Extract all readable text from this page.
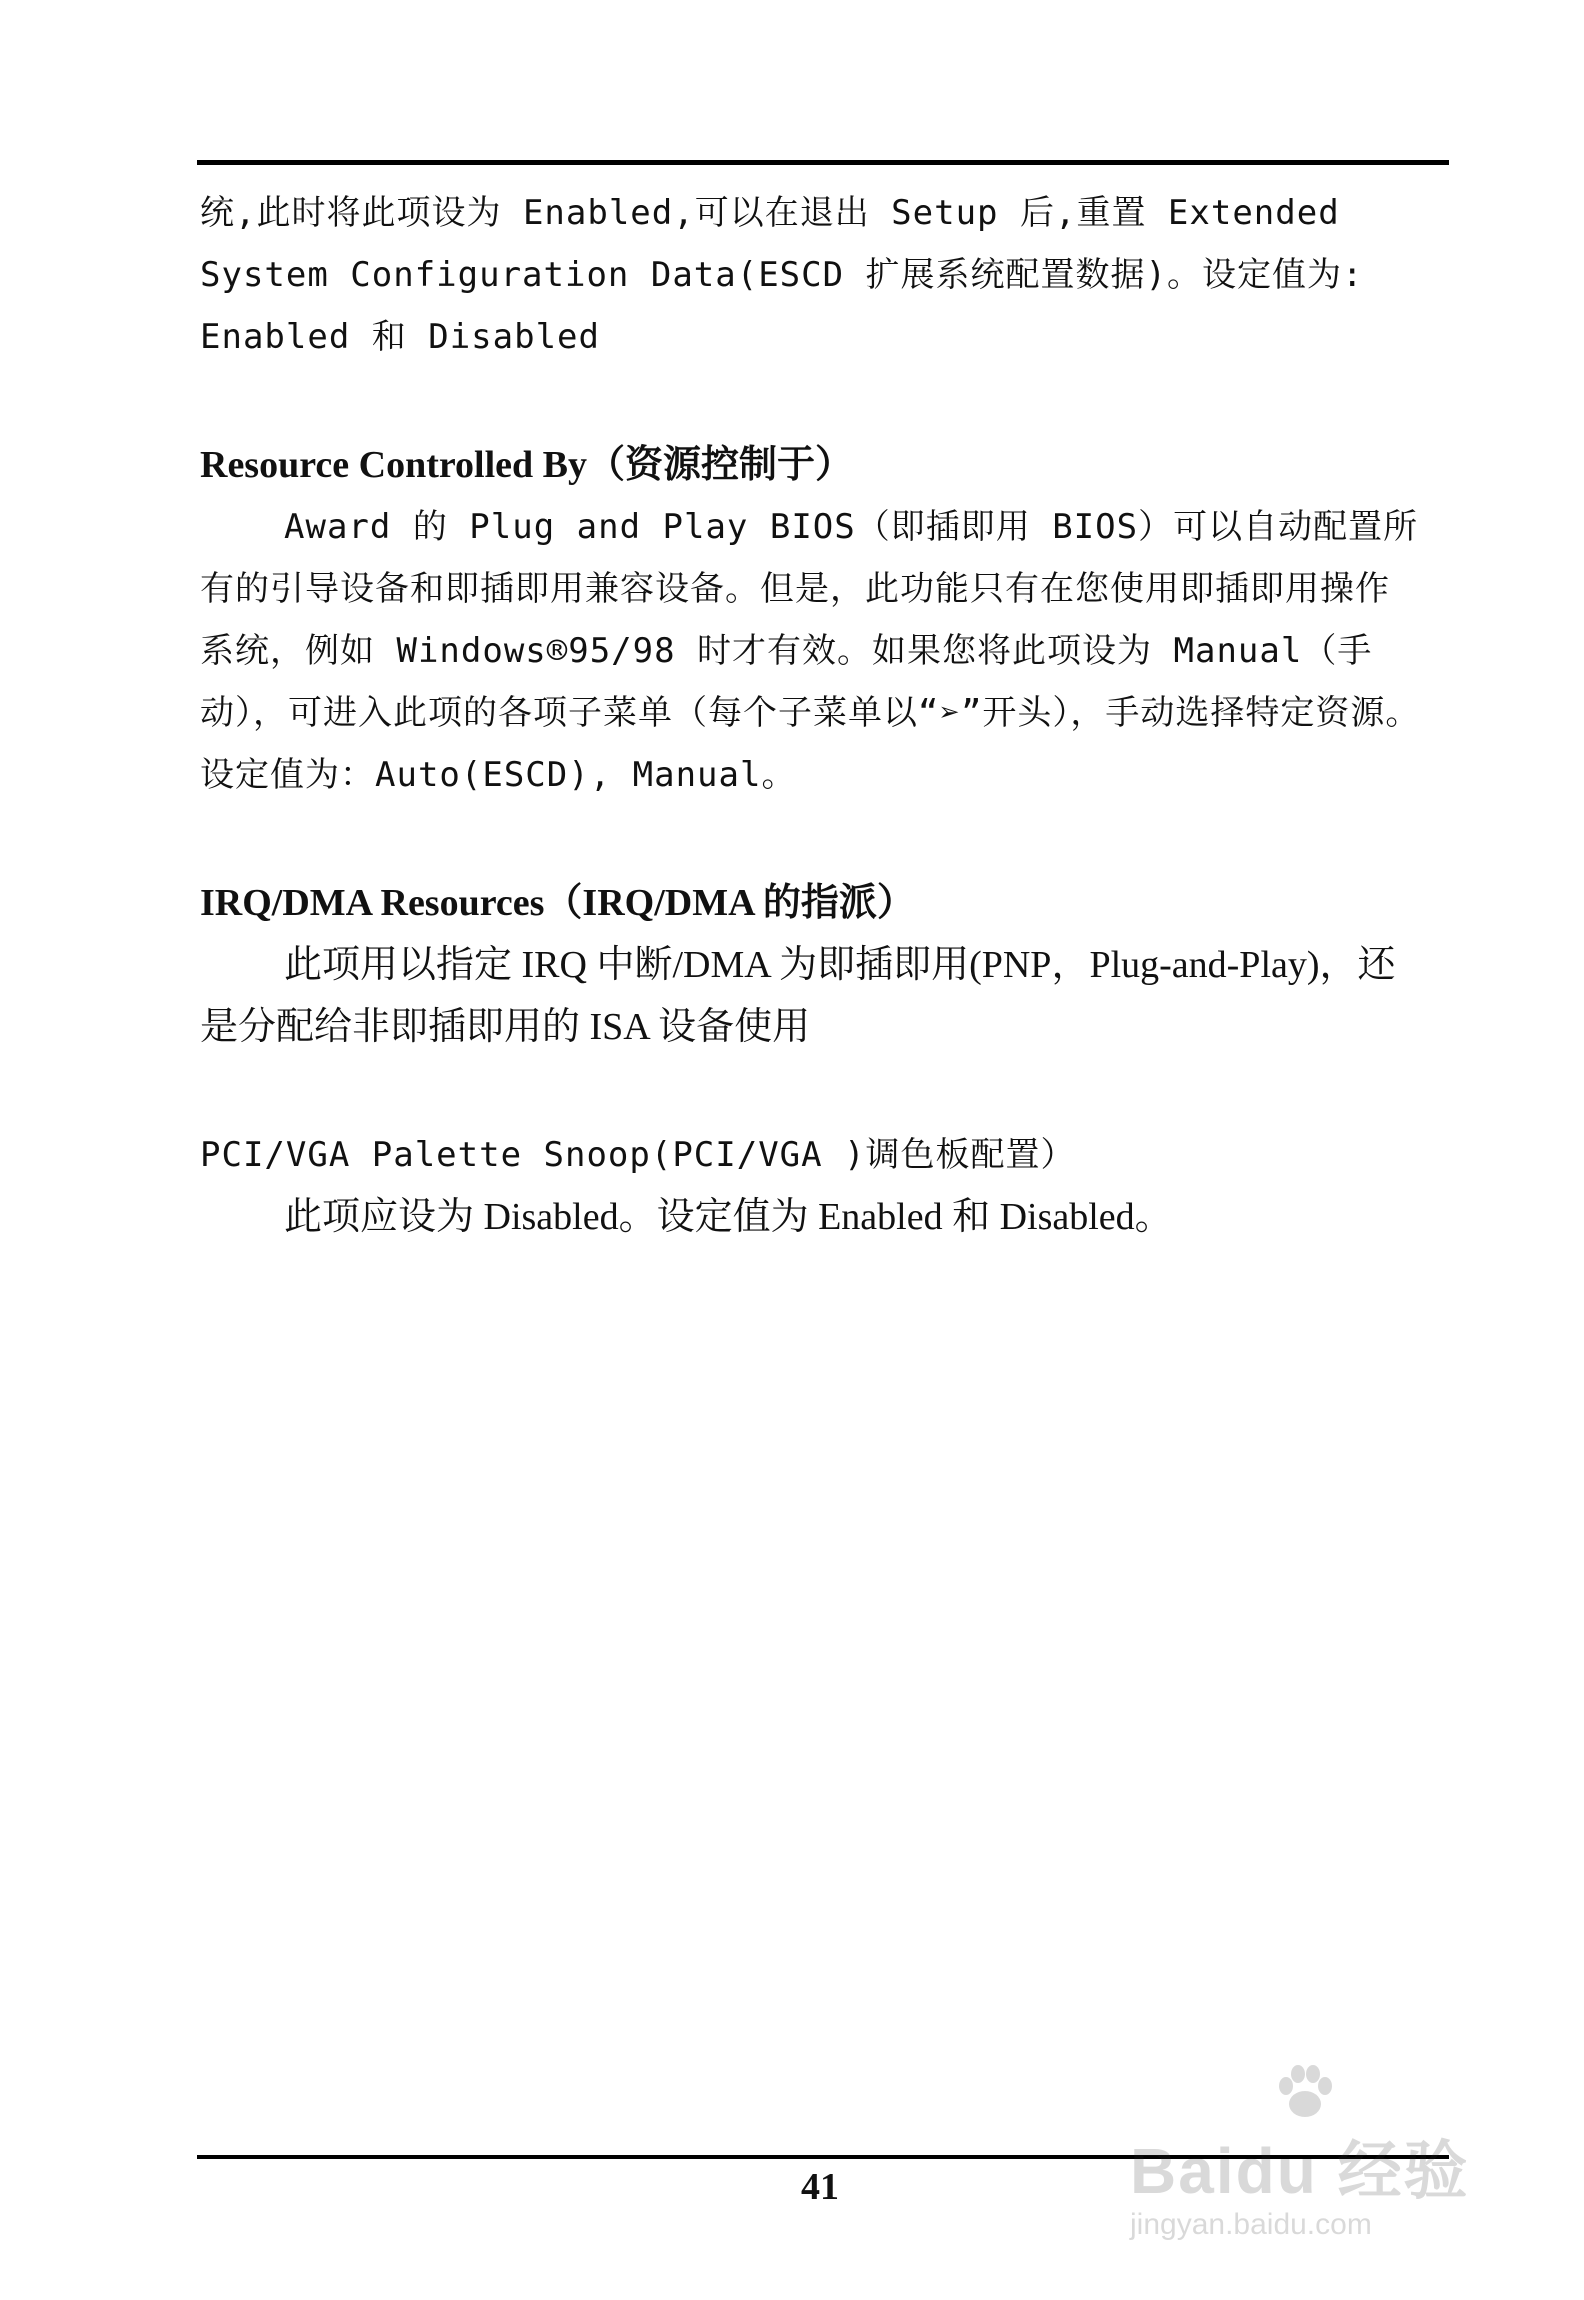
统,此时将此项设为 Enabled,可以在退出 Setup 后,重置 Extended

System Configuration Data(ESCD 扩展系统配置数据)。设定值为:

Enabled 和 Disabled

Resource Controlled By（资源控制于）

Award 的 Plug and Play BIOS（即插即用 BIOS）可以自动配置所有的引导设备和即插即用兼容设备。但是，此功能只有在您使用即插即用操作系统，例如 Windows®95/98 时才有效。如果您将此项设为 Manual（手动），可进入此项的各项子菜单（每个子菜单以“➢”开头），手动选择特定资源。设定值为：Auto(ESCD), Manual。

IRQ/DMA Resources（IRQ/DMA 的指派）

此项用以指定 IRQ 中断/DMA 为即插即用(PNP，Plug-and-Play)，还是分配给非即插即用的 ISA 设备使用

PCI/VGA Palette Snoop(PCI/VGA )调色板配置）

此项应设为 Disabled。设定值为 Enabled 和 Disabled。

41	Baidu 经验
jingyan.baidu.com
